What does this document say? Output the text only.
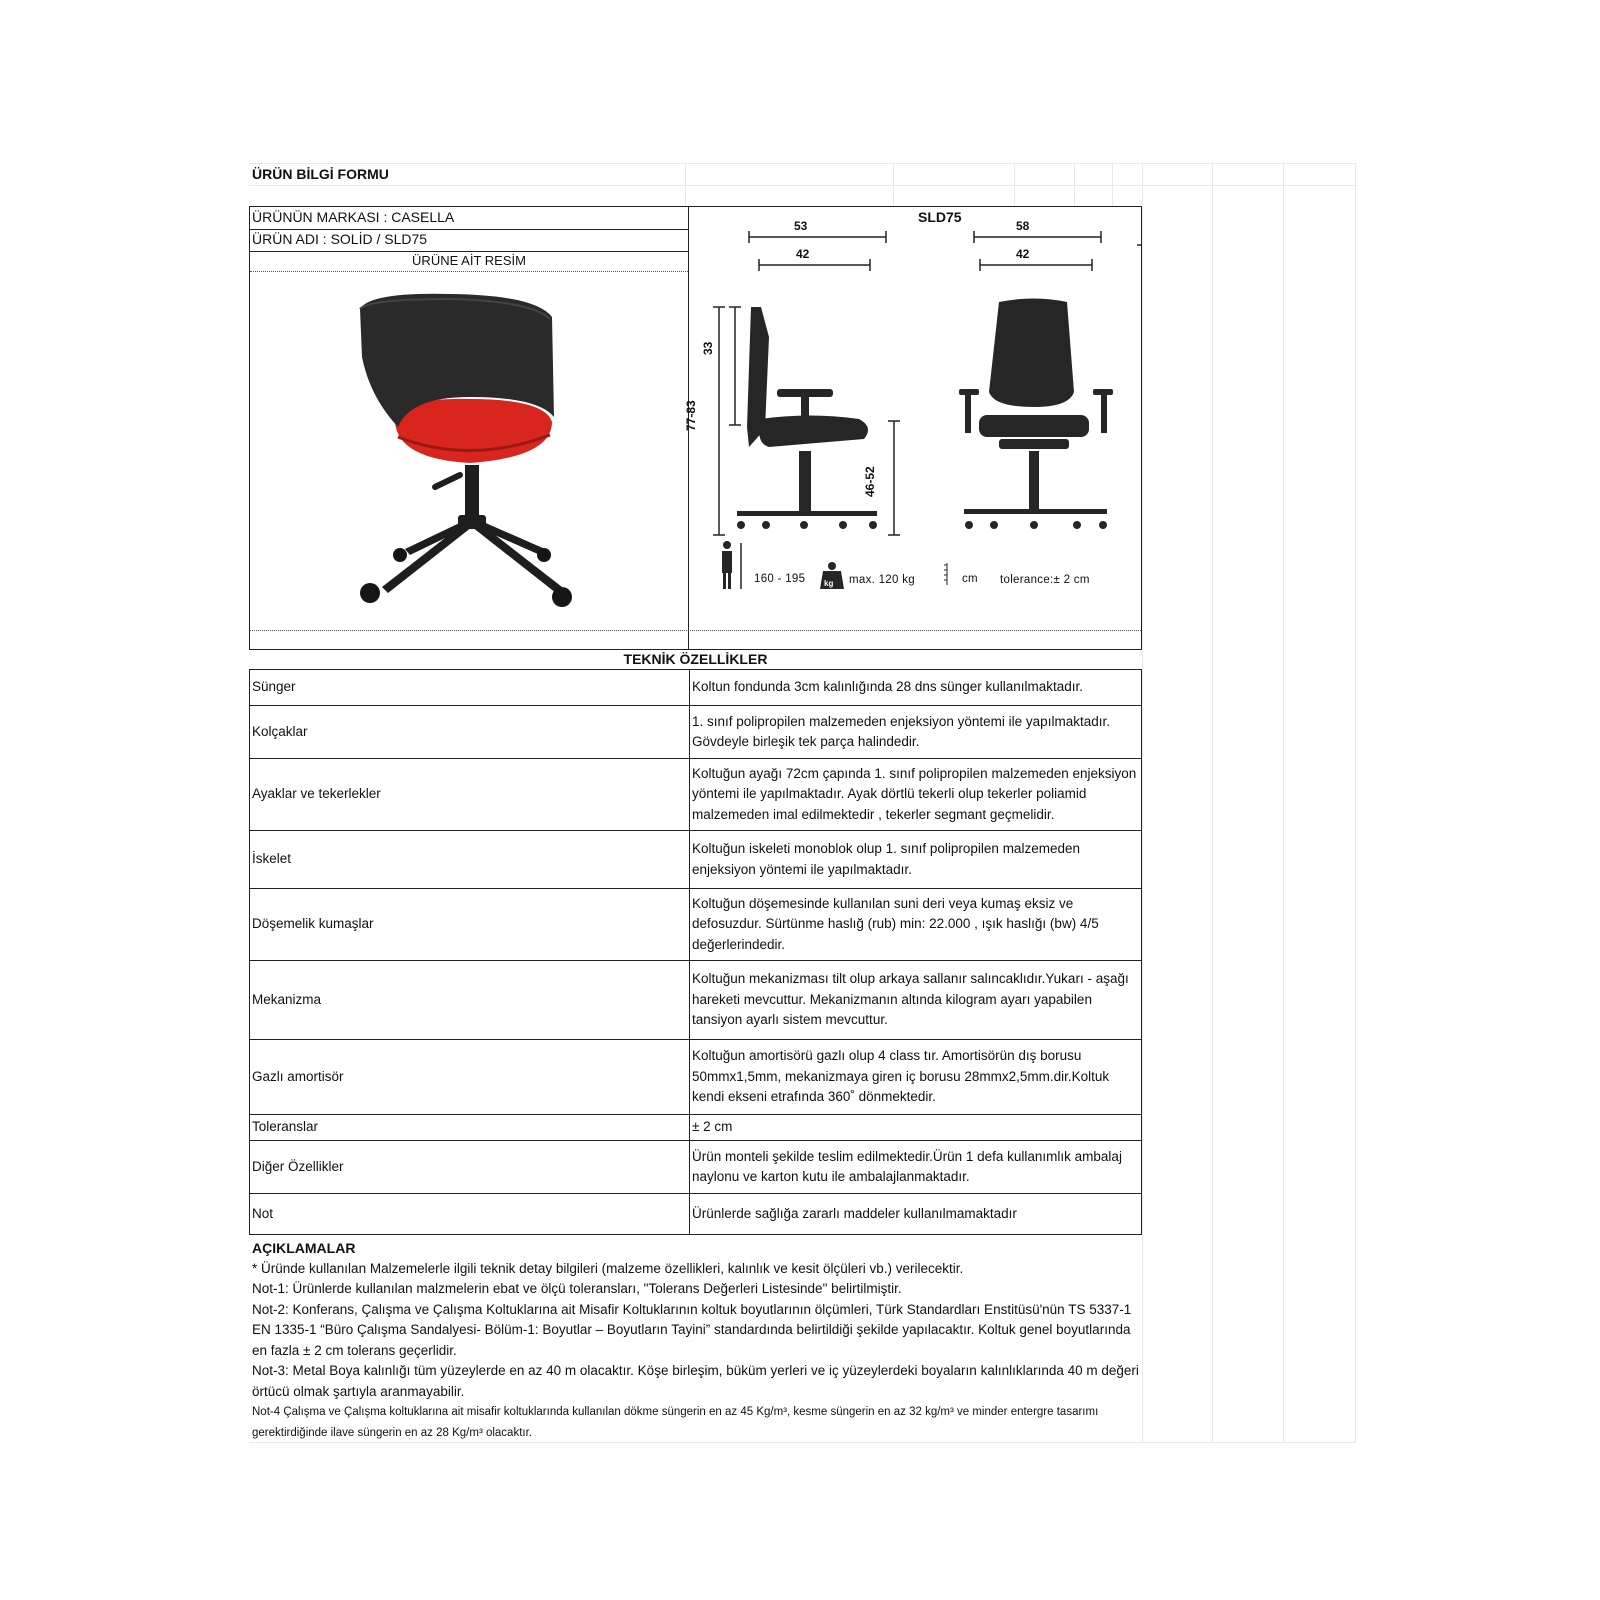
ÜRÜN BİLGİ FORMU
ÜRÜNÜN MARKASI : CASELLA
ÜRÜN ADI : SOLİD / SLD75
ÜRÜNE AİT RESİM
SLD75
53
42
58
42
33
77-83
46-52
160 - 195 kg max. 120 kg	cm tolerance:± 2 cm
TEKNİK ÖZELLİKLER
Sünger	Koltun fondunda 3cm kalınlığında 28 dns sünger kullanılmaktadır.
Kolçaklar	1. sınıf polipropilen malzemeden enjeksiyon yöntemi ile yapılmaktadır. Gövdeyle birleşik tek parça halindedir.
Ayaklar ve tekerlekler	Koltuğun ayağı 72cm çapında 1. sınıf polipropilen malzemeden enjeksiyon yöntemi ile yapılmaktadır. Ayak dörtlü tekerli olup tekerler poliamid malzemeden imal edilmektedir , tekerler segmant geçmelidir.
İskelet	Koltuğun iskeleti monoblok olup 1. sınıf polipropilen malzemeden enjeksiyon yöntemi ile yapılmaktadır.
Döşemelik kumaşlar	Koltuğun döşemesinde kullanılan suni deri veya kumaş eksiz ve defosuzdur. Sürtünme haslığ (rub) min: 22.000 , ışık haslığı (bw) 4/5 değerlerindedir.
Mekanizma	Koltuğun mekanizması tilt olup arkaya sallanır salıncaklıdır.Yukarı - aşağı hareketi mevcuttur. Mekanizmanın altında kilogram ayarı yapabilen tansiyon ayarlı sistem mevcuttur.
Gazlı amortisör	Koltuğun amortisörü gazlı olup 4 class tır. Amortisörün dış borusu 50mmx1,5mm, mekanizmaya giren iç borusu 28mmx2,5mm.dir.Koltuk kendi ekseni etrafında 360˚ dönmektedir.
Toleranslar	± 2 cm
Diğer Özellikler	Ürün monteli şekilde teslim edilmektedir.Ürün 1 defa kullanımlık ambalaj naylonu ve karton kutu ile ambalajlanmaktadır.
Not	Ürünlerde sağlığa zararlı maddeler kullanılmamaktadır
AÇIKLAMALAR
* Üründe kullanılan Malzemelerle ilgili teknik detay bilgileri (malzeme özellikleri, kalınlık ve kesit ölçüleri vb.) verilecektir.
Not-1: Ürünlerde kullanılan malzmelerin ebat ve ölçü toleransları, "Tolerans Değerleri Listesinde" belirtilmiştir.
Not-2: Konferans, Çalışma ve Çalışma Koltuklarına ait Misafir Koltuklarının koltuk boyutlarının ölçümleri, Türk Standardları Enstitüsü'nün TS 5337-1 EN 1335-1 “Büro Çalışma Sandalyesi- Bölüm-1: Boyutlar – Boyutların Tayini” standardında belirtildiği şekilde yapılacaktır. Koltuk genel boyutlarında en fazla ± 2 cm tolerans geçerlidir.
Not-3: Metal Boya kalınlığı tüm yüzeylerde en az 40 m olacaktır. Köşe birleşim, büküm yerleri ve iç yüzeylerdeki boyaların kalınlıklarında 40 m değeri örtücü olmak şartıyla aranmayabilir.
Not-4 Çalışma ve Çalışma koltuklarına ait misafir koltuklarında kullanılan dökme süngerin en az 45 Kg/m³, kesme süngerin en az 32 kg/m³ ve minder entergre tasarımı gerektirdiğinde ilave süngerin en az 28 Kg/m³ olacaktır.
